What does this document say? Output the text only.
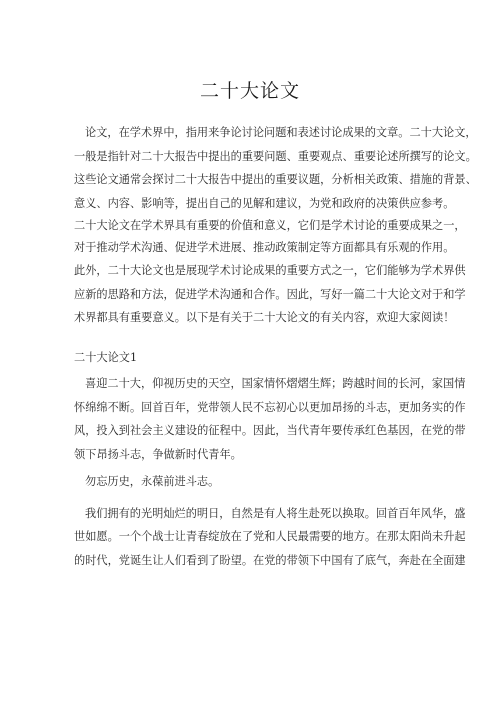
二十大论文
论文，在学术界中，指用来争论讨论问题和表述讨论成果的文章。二十大论文，
一般是指针对二十大报告中提出的重要问题、重要观点、重要论述所撰写的论文。
这些论文通常会探讨二十大报告中提出的重要议题，分析相关政策、措施的背景、
意义、内容、影响等，提出自己的见解和建议，为党和政府的决策供应参考。
二十大论文在学术界具有重要的价值和意义，它们是学术讨论的重要成果之一，
对于推动学术沟通、促进学术进展、推动政策制定等方面都具有乐观的作用。
此外，二十大论文也是展现学术讨论成果的重要方式之一，它们能够为学术界供
应新的思路和方法，促进学术沟通和合作。因此，写好一篇二十大论文对于和学
术界都具有重要意义。以下是有关于二十大论文的有关内容，欢迎大家阅读！
二十大论文1
喜迎二十大，仰视历史的天空，国家情怀熠熠生辉；跨越时间的长河，家国情
怀绵绵不断。回首百年，党带领人民不忘初心以更加昂扬的斗志，更加务实的作
风，投入到社会主义建设的征程中。因此，当代青年要传承红色基因，在党的带
领下昂扬斗志，争做新时代青年。
勿忘历史，永葆前进斗志。
我们拥有的光明灿烂的明日，自然是有人将生赴死以换取。回首百年风华，盛
世如愿。一个个战士让青春绽放在了党和人民最需要的地方。在那太阳尚未升起
的时代，党诞生让人们看到了盼望。在党的带领下中国有了底气，奔赴在全面建
